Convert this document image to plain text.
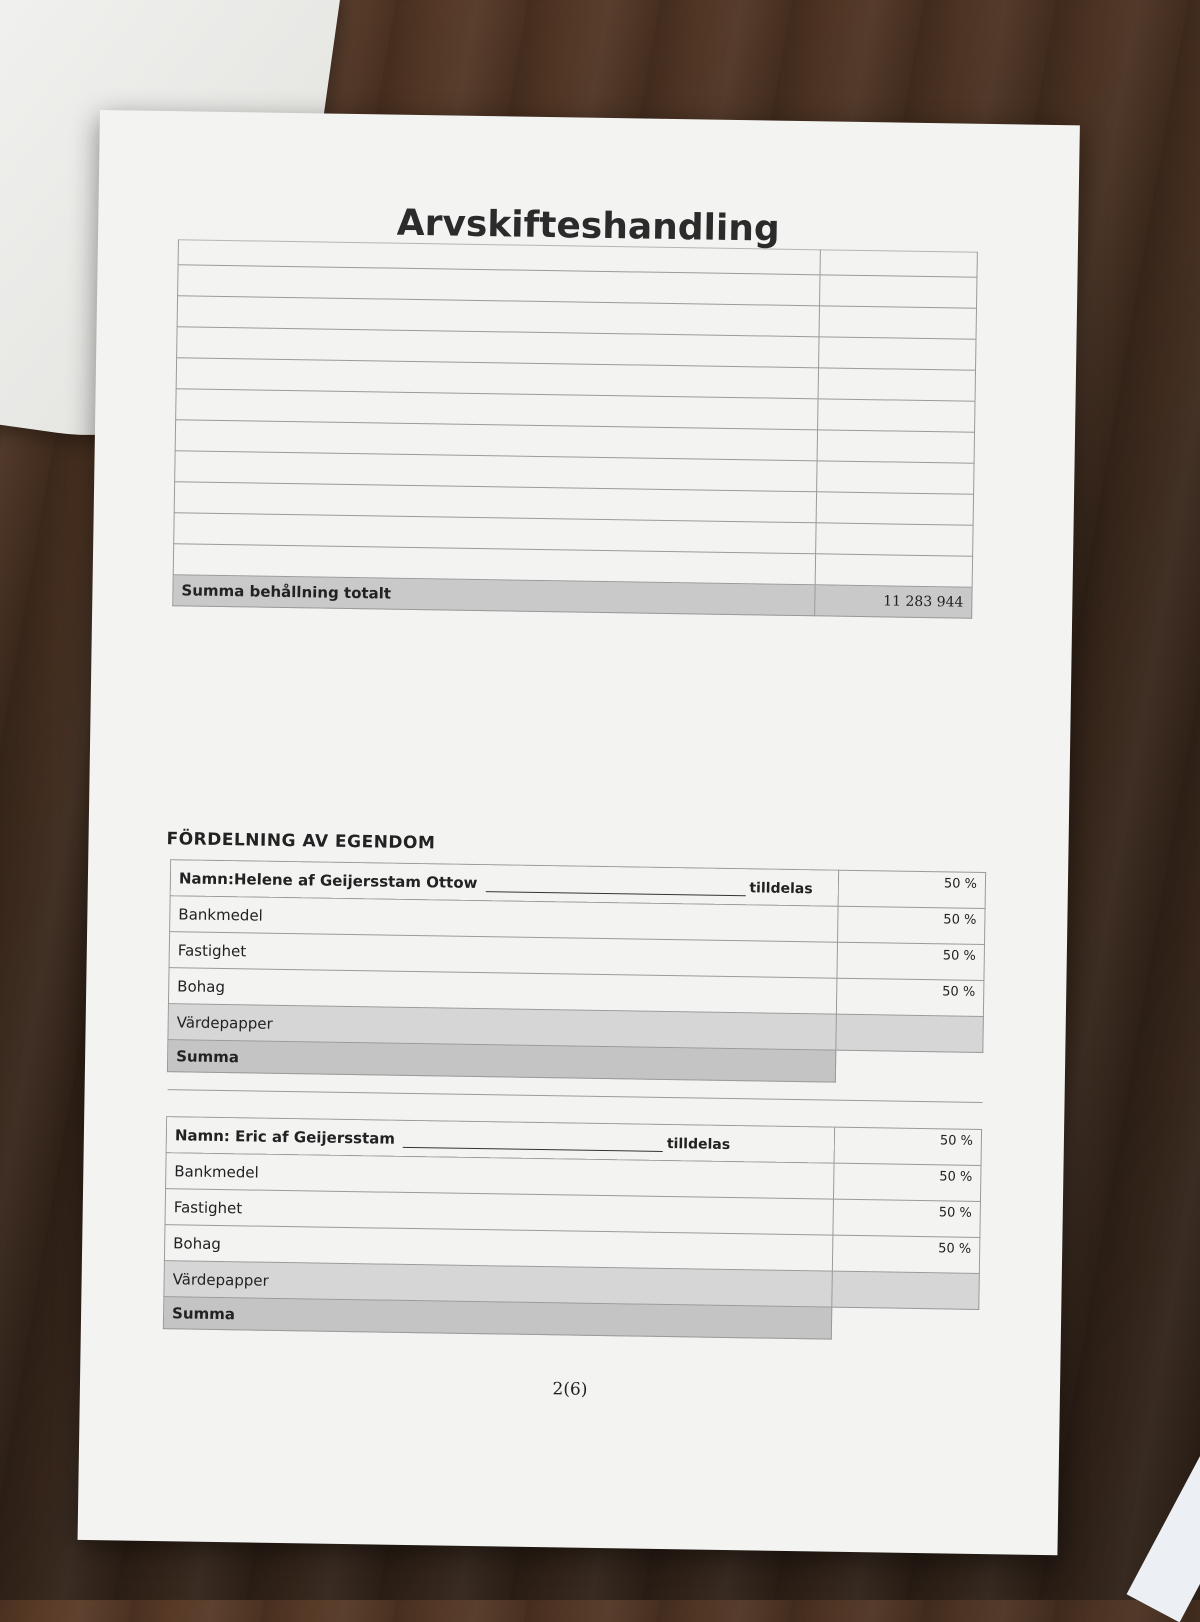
Arvskifteshandling

Summa behållning totalt	11 283 944
FÖRDELNING AV EGENDOM
Namn:Helene af Geijersstam Ottow tilldelas	50 %
Bankmedel	50 %
Fastighet	50 %
Bohag	50 %
Värdepapper	
Summa	

Namn: Eric af Geijersstam tilldelas	50 %
Bankmedel	50 %
Fastighet	50 %
Bohag	50 %
Värdepapper	
Summa	
2(6)
